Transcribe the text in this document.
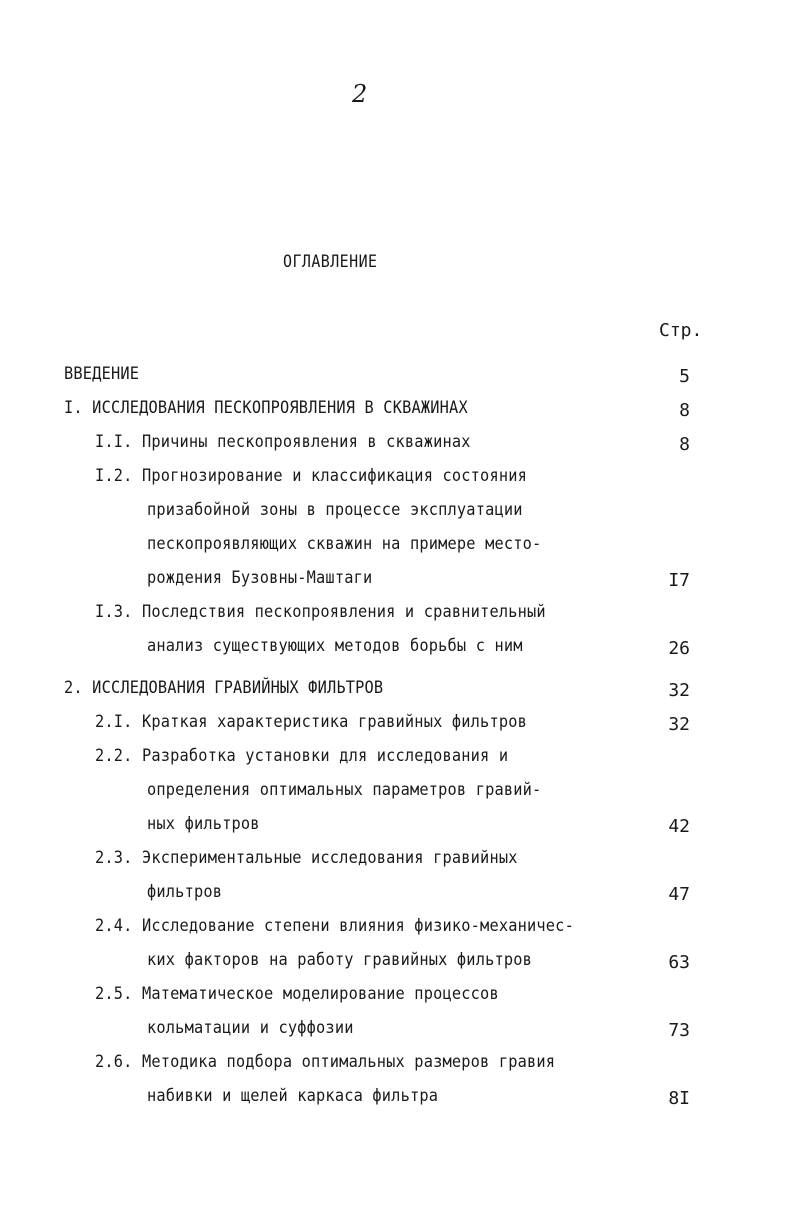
2
ОГЛАВЛЕНИЕ
Стр.
ВВЕДЕНИЕ	5
I. ИССЛЕДОВАНИЯ ПЕСКОПРОЯВЛЕНИЯ В СКВАЖИНАХ	8
I.I. Причины пескопроявления в скважинах	8
I.2. Прогнозирование и классификация состояния
призабойной зоны в процессе эксплуатации
пескопроявляющих скважин на примере место-
рождения Бузовны-Маштаги	I7
I.3. Последствия пескопроявления и сравнительный
анализ существующих методов борьбы с ним	26
2. ИССЛЕДОВАНИЯ ГРАВИЙНЫХ ФИЛЬТРОВ	32
2.I. Краткая характеристика гравийных фильтров	32
2.2. Разработка установки для исследования и
определения оптимальных параметров гравий-
ных фильтров	42
2.3. Экспериментальные исследования гравийных
фильтров	47
2.4. Исследование степени влияния физико-механичес-
ких факторов на работу гравийных фильтров	63
2.5. Математическое моделирование процессов
кольматации и суффозии	73
2.6. Методика подбора оптимальных размеров гравия
набивки и щелей каркаса фильтра	8I
